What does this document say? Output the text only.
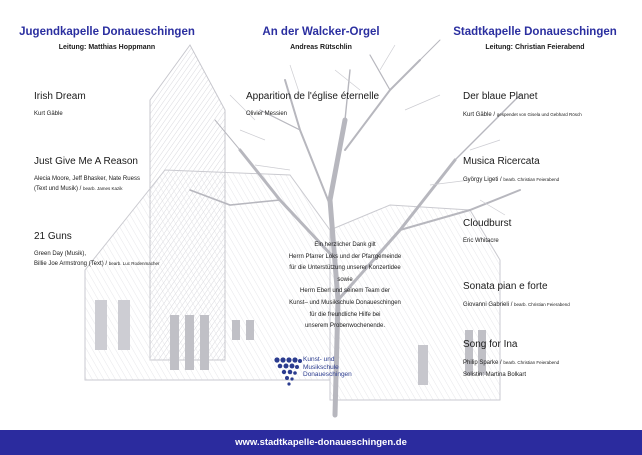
Jugendkapelle Donaueschingen
Leitung: Matthias Hoppmann
Irish Dream
Kurt Gäble
Just Give Me A Reason
Alecia Moore, Jeff Bhasker, Nate Ruess
(Text und Musik) / bearb. James Kazik
21 Guns
Green Day (Musik),
Billie Joe Armstrong (Text) / bearb. Luc Rodenmacher
An der Walcker-Orgel
Andreas Rütschlin
Apparition de l'église éternelle
Olivier Messien
Ein herzlicher Dank gilt
Herrn Pfarrer Loks und der Pfarrgemeinde
für die Unterstützung unserer Konzertidee
sowie
Herrn Eberl und seinem Team der
Kunst– und Musikschule Donaueschingen
für die freundliche Hilfe bei
unserem Probenwochenende.
Kunst- und
Musikschule
Donaueschingen
Stadtkapelle Donaueschingen
Leitung: Christian Feierabend
Der blaue Planet
Kurt Gäble / gespendet von Gisela und Gebhard Rösch
Musica Ricercata
György Ligeti / bearb. Christian Feierabend
Cloudburst
Eric Whitacre
Sonata pian e forte
Giovanni Gabrieli / bearb. Christian Feierabend
Song for Ina
Philip Sparke / bearb. Christian Feierabend
Solistin: Martina Bolkart
www.stadtkapelle-donaueschingen.de
